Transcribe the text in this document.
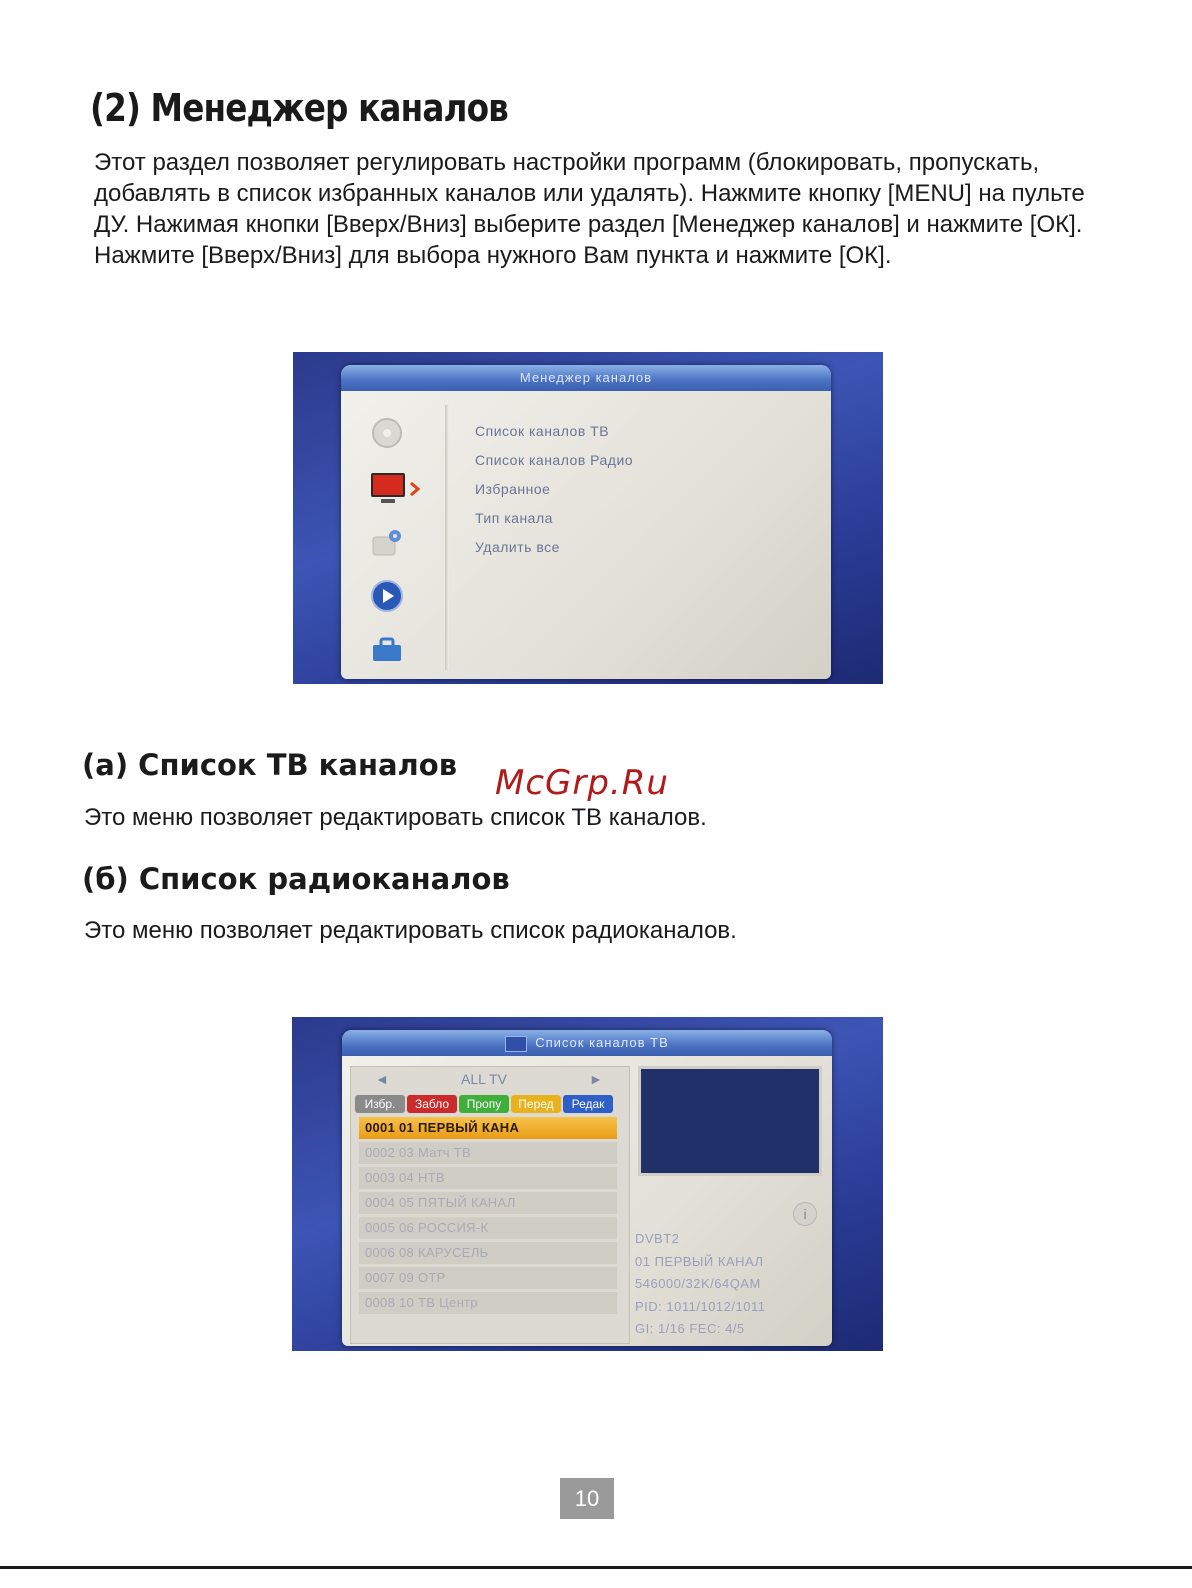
(2) Менеджер каналов

Этот раздел позволяет регулировать настройки программ (блокировать, пропускать, добавлять в список избранных каналов или удалять). Нажмите кнопку [MENU] на пульте ДУ. Нажимая кнопки [Вверх/Вниз] выберите раздел [Менеджер каналов] и нажмите [ОК]. Нажмите [Вверх/Вниз] для выбора нужного Вам пункта и нажмите [ОК].

Менеджер каналов
Список каналов ТВ
Список каналов Радио
Избранное
Тип канала
Удалить все
(а) Список ТВ каналов McGrp.Ru

Это меню позволяет редактировать список ТВ каналов.

(б) Список радиоканалов

Это меню позволяет редактировать список радиоканалов.

Список каналов ТВ
◄	ALL TV	►
Избр.	Забло	Пропу	Перед	Редак
0001 01 ПЕРВЫЙ КАНА
0002 03 Матч ТВ
0003 04 НТВ
0004 05 ПЯТЫЙ КАНАЛ
0005 06 РОССИЯ-К
0006 08 КАРУСЕЛЬ
0007 09 ОТР
0008 10 ТВ Центр
i
DVBT2
01 ПЕРВЫЙ КАНАЛ
546000/32K/64QAM
PID: 1011/1012/1011
GI: 1/16 FEC: 4/5
10
